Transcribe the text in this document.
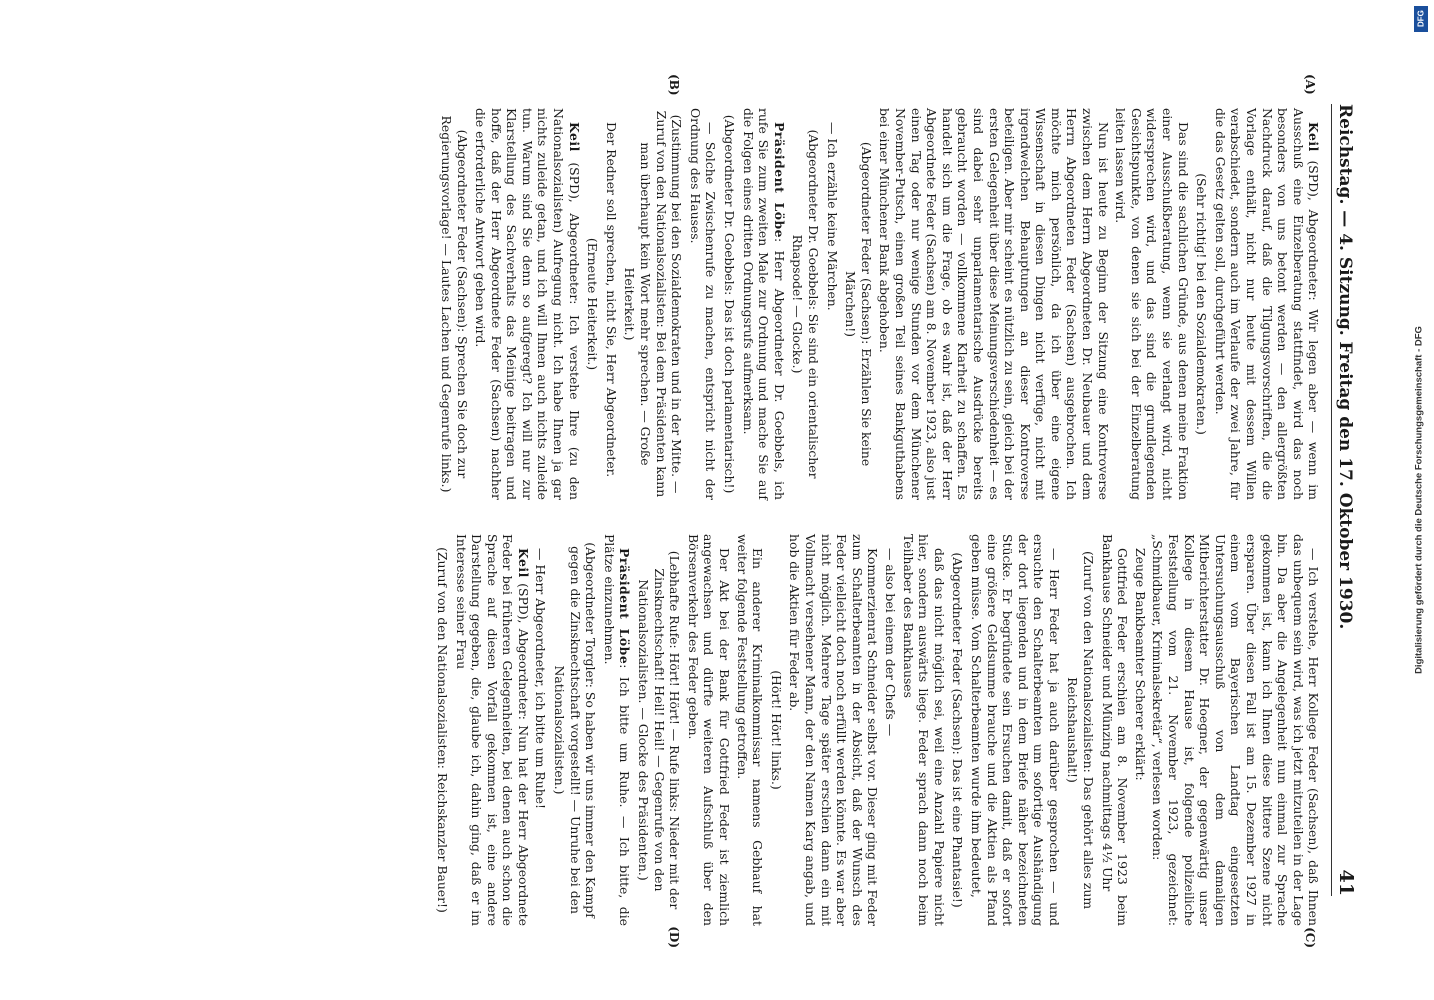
Reichstag. — 4. Sitzung. Freitag den 17. Oktober 1930.
41
(A)
(B)
(C)
(D)

Keil (SPD), Abgeordneter: Wir legen aber — wenn im Ausschuß eine Einzelberatung stattfindet, wird das noch besonders von uns betont werden — den allergrößten Nachdruck darauf, daß die Tilgungsvorschriften, die die Vorlage enthält, nicht nur heute mit dessem Willen verabschiedet, sondern auch im Verlaufe der zwei Jahre, für die das Gesetz gelten soll, durchgeführt werden.

(Sehr richtig! bei den Sozialdemokraten.)

Das sind die sachlichen Gründe, aus denen meine Fraktion einer Ausschußberatung, wenn sie verlangt wird, nicht widersprechen wird, und das sind die grundlegenden Gesichtspunkte, von denen sie sich bei der Einzelberatung leiten lassen wird.

Nun ist heute zu Beginn der Sitzung eine Kontroverse zwischen dem Herrn Abgeordneten Dr. Neubauer und dem Herrn Abgeordneten Feder (Sachsen) ausgebrochen. Ich möchte mich persönlich, da ich über eine eigene Wissenschaft in diesen Dingen nicht verfüge, nicht mit irgendwelchen Behauptungen an dieser Kontroverse beteiligen. Aber mir scheint es nützlich zu sein, gleich bei der ersten Gelegenheit über diese Meinungsverschiedenheit — es sind dabei sehr unparlamentarische Ausdrücke bereits gebraucht worden — vollkommene Klarheit zu schaffen. Es handelt sich um die Frage, ob es wahr ist, daß der Herr Abgeordnete Feder (Sachsen) am 8. November 1923, also just einen Tag oder nur wenige Stunden vor dem Münchener November-Putsch, einen großen Teil seines Bankguthabens bei einer Münchener Bank abgehoben.

(Abgeordneter Feder (Sachsen): Erzählen Sie keine Märchen!)

— Ich erzähle keine Märchen.

(Abgeordneter Dr. Goebbels: Sie sind ein orientalischer Rhapsode! — Glocke.)

Präsident Löbe: Herr Abgeordneter Dr. Goebbels, ich rufe Sie zum zweiten Male zur Ordnung und mache Sie auf die Folgen eines dritten Ordnungsrufs aufmerksam.

(Abgeordneter Dr. Goebbels: Das ist doch parlamentarisch!)

— Solche Zwischenrufe zu machen, entspricht nicht der Ordnung des Hauses.

(Zustimmung bei den Sozialdemokraten und in der Mitte. — Zuruf von den Nationalsozialisten: Bei dem Präsidenten kann man überhaupt kein Wort mehr sprechen. — Große Heiterkeit.)

Der Redner soll sprechen, nicht Sie, Herr Abgeordneter.

(Erneute Heiterkeit.)

Keil (SPD), Abgeordneter: Ich verstehe Ihre (zu den Nationalsozialisten) Aufregung nicht. Ich habe Ihnen ja gar nichts zuleide getan, und ich will Ihnen auch nichts zuleide tun. Warum sind Sie denn so aufgeregt? Ich will nur zur Klarstellung des Sachverhalts das Meinige beitragen und hoffe, daß der Herr Abgeordnete Feder (Sachsen) nachher die erforderliche Antwort geben wird.

(Abgeordneter Feder (Sachsen): Sprechen Sie doch zur Regierungsvorlage! — Lautes Lachen und Gegenrufe links.)

— Ich verstehe, Herr Kollege Feder (Sachsen), daß Ihnen das unbequem sein wird, was ich jetzt mitzuteilen in der Lage bin. Da aber die Angelegenheit nun einmal zur Sprache gekommen ist, kann ich Ihnen diese bittere Szene nicht ersparen. Über diesen Fall ist am 15. Dezember 1927 in einem vom Bayerischen Landtag eingesetzten Untersuchungsausschuß von dem damaligen Mitberichterstatter Dr. Hoegner, der gegenwärtig unser Kollege in diesem Hause ist, folgende polizeiliche Feststellung vom 21. November 1923, gezeichnet: „Schmidbauer, Kriminalsekretär“, verlesen worden:

Zeuge Bankbeamter Scherer erklärt:

Gottfried Feder erschien am 8. November 1923 beim Bankhause Schneider und Münzing nachmittags 4½ Uhr

(Zuruf von den Nationalsozialisten: Das gehört alles zum Reichshaushalt!)

— Herr Feder hat ja auch darüber gesprochen — und ersuchte den Schalterbeamten um sofortige Aushändigung der dort liegenden und in dem Briefe näher bezeichneten Stücke. Er begründete sein Ersuchen damit, daß er sofort eine größere Geldsumme brauche und die Aktien als Pfand geben müsse. Vom Schalterbeamten wurde ihm bedeutet,

(Abgeordneter Feder (Sachsen): Das ist eine Phantasie!)

daß das nicht möglich sei, weil eine Anzahl Papiere nicht hier, sondern auswärts liege. Feder sprach dann noch beim Teilhaber des Bankhauses

— also bei einem der Chefs —

Kommerzienrat Schneider selbst vor. Dieser ging mit Feder zum Schalterbeamten in der Absicht, daß der Wunsch des Feder vielleicht doch noch erfüllt werden könnte. Es war aber nicht möglich. Mehrere Tage später erschien dann ein mit Vollmacht versehener Mann, der den Namen Karg angab, und hob die Aktien für Feder ab.

(Hört! Hört! links.)

Ein anderer Kriminalkommissar namens Gebhauf hat weiter folgende Feststellung getroffen.

Der Akt bei der Bank für Gottfried Feder ist ziemlich angewachsen und dürfte weiteren Aufschluß über den Börsenverkehr des Feder geben.

(Lebhafte Rufe: Hört! Hört! — Rufe links: Nieder mit der Zinsknechtschaft! Heil! Heil! — Gegenrufe von den Nationalsozialisten. — Glocke des Präsidenten.)

Präsident Löbe: Ich bitte um Ruhe. — Ich bitte, die Plätze einzunehmen.

(Abgeordneter Torgler: So haben wir uns immer den Kampf gegen die Zinsknechtschaft vorgestellt! — Unruhe bei den Nationalsozialisten.)

— Herr Abgeordneter, ich bitte um Ruhe!

Keil (SPD), Abgeordneter: Nun hat der Herr Abgeordnete Feder bei früheren Gelegenheiten, bei denen auch schon die Sprache auf diesen Vorfall gekommen ist, eine andere Darstellung gegeben, die, glaube ich, dahin ging, daß er im Interesse seiner Frau

(Zuruf von den Nationalsozialisten: Reichskanzler Bauer!)

DFG
Digitalisierung gefördert durch die Deutsche Forschungsgemeinschaft - DFG
